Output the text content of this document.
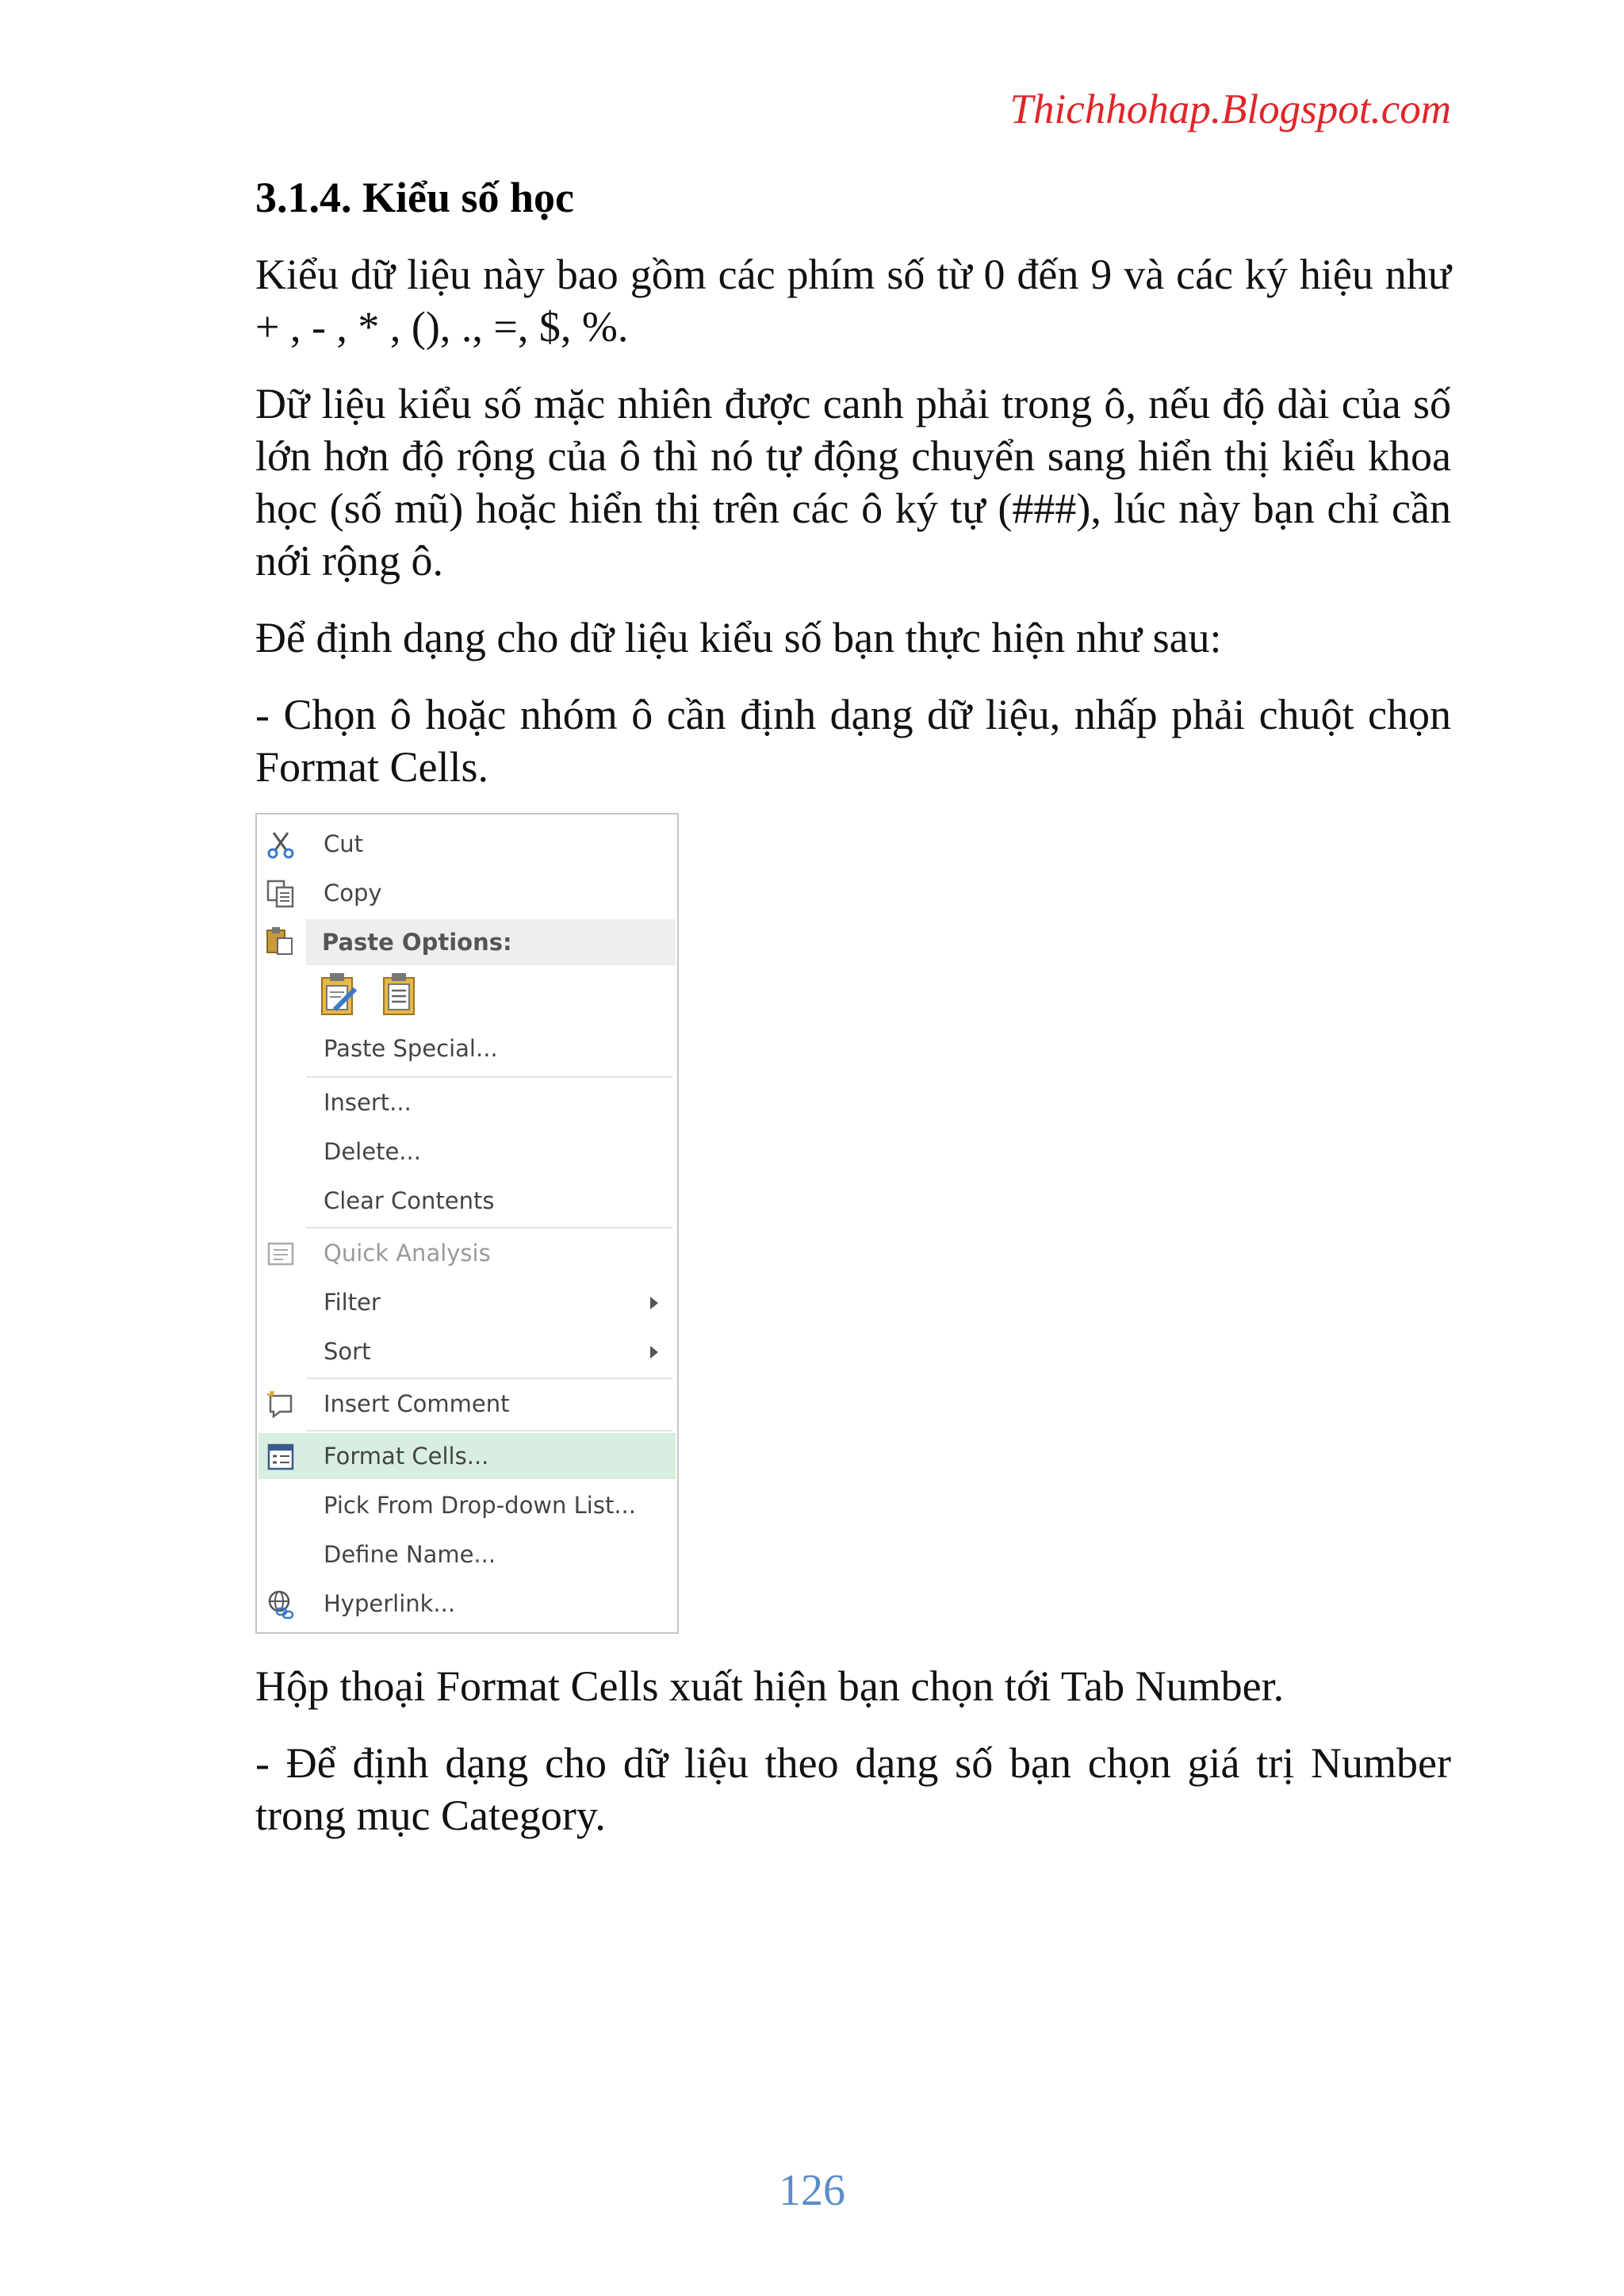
Thichhohap.Blogspot.com
3.1.4. Kiểu số học
Kiểu dữ liệu này bao gồm các phím số từ 0 đến 9 và các ký hiệu như + , - , * , (), ., =, $, %.
Dữ liệu kiểu số mặc nhiên được canh phải trong ô, nếu độ dài của số lớn hơn độ rộng của ô thì nó tự động chuyển sang hiển thị kiểu khoa học (số mũ) hoặc hiển thị trên các ô ký tự (###), lúc này bạn chỉ cần nới rộng ô.
Để định dạng cho dữ liệu kiểu số bạn thực hiện như sau:
- Chọn ô hoặc nhóm ô cần định dạng dữ liệu, nhấp phải chuột chọn Format Cells.
Cut
Copy
Paste Options:
Paste Special...
Insert...
Delete...
Clear Contents
Quick Analysis
Filter
Sort
Insert Comment
Format Cells...
Pick From Drop-down List...
Define Name...
Hyperlink...
Hộp thoại Format Cells xuất hiện bạn chọn tới Tab Number.
- Để định dạng cho dữ liệu theo dạng số bạn chọn giá trị Number trong mục Category.
126
